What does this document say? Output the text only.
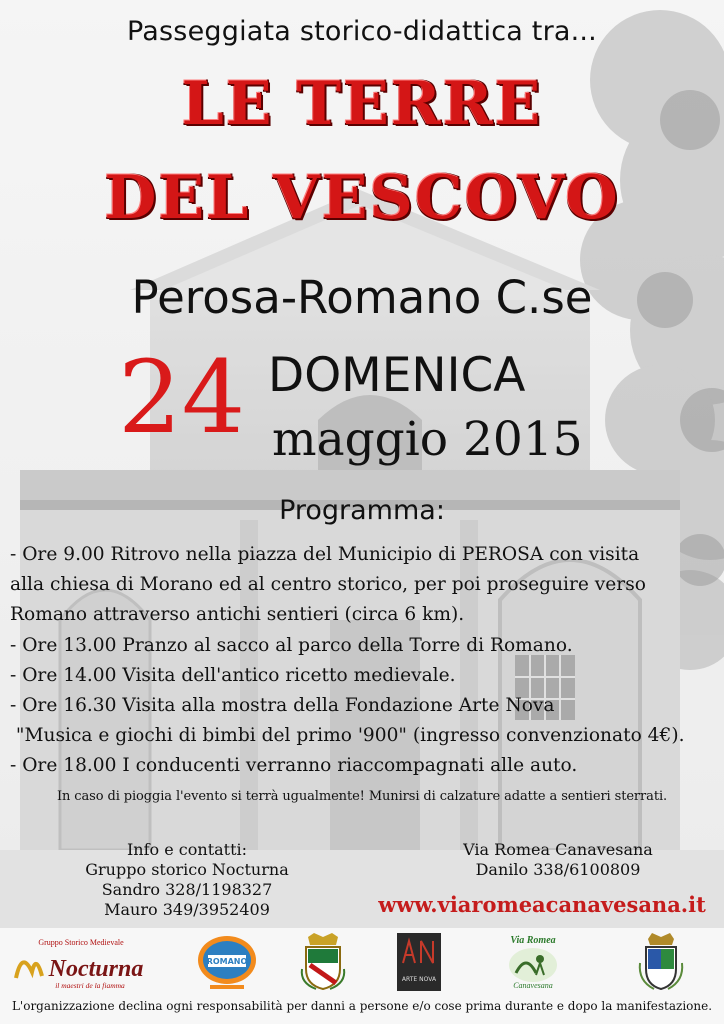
Passeggiata storico-didattica tra...
LE TERRE
DEL VESCOVO
Perosa-Romano C.se
24 DOMENICA
maggio 2015
Programma:
- Ore 9.00 Ritrovo nella piazza del Municipio di PEROSA con visita
alla chiesa di Morano ed al centro storico, per poi proseguire verso
Romano attraverso antichi sentieri (circa 6 km).
- Ore 13.00 Pranzo al sacco al parco della Torre di Romano.
- Ore 14.00 Visita dell'antico ricetto medievale.
- Ore 16.30 Visita alla mostra della Fondazione Arte Nova
"Musica e giochi di bimbi del primo '900" (ingresso convenzionato 4€).
- Ore 18.00 I conducenti verranno riaccompagnati alle auto.
In caso di pioggia l'evento si terrà ugualmente! Munirsi di calzature adatte a sentieri sterrati.
Info e contatti:
Gruppo storico Nocturna
Sandro 328/1198327
Mauro 349/3952409
Via Romea Canavesana
Danilo 338/6100809
www.viaromeacanavesana.it
Gruppo Storico Medievale
Nocturna
il maestri de la fiamma
ROMANO
ARTE NOVA
Via Romea
Canavesana
L'organizzazione declina ogni responsabilità per danni a persone e/o cose prima durante e dopo la manifestazione.
